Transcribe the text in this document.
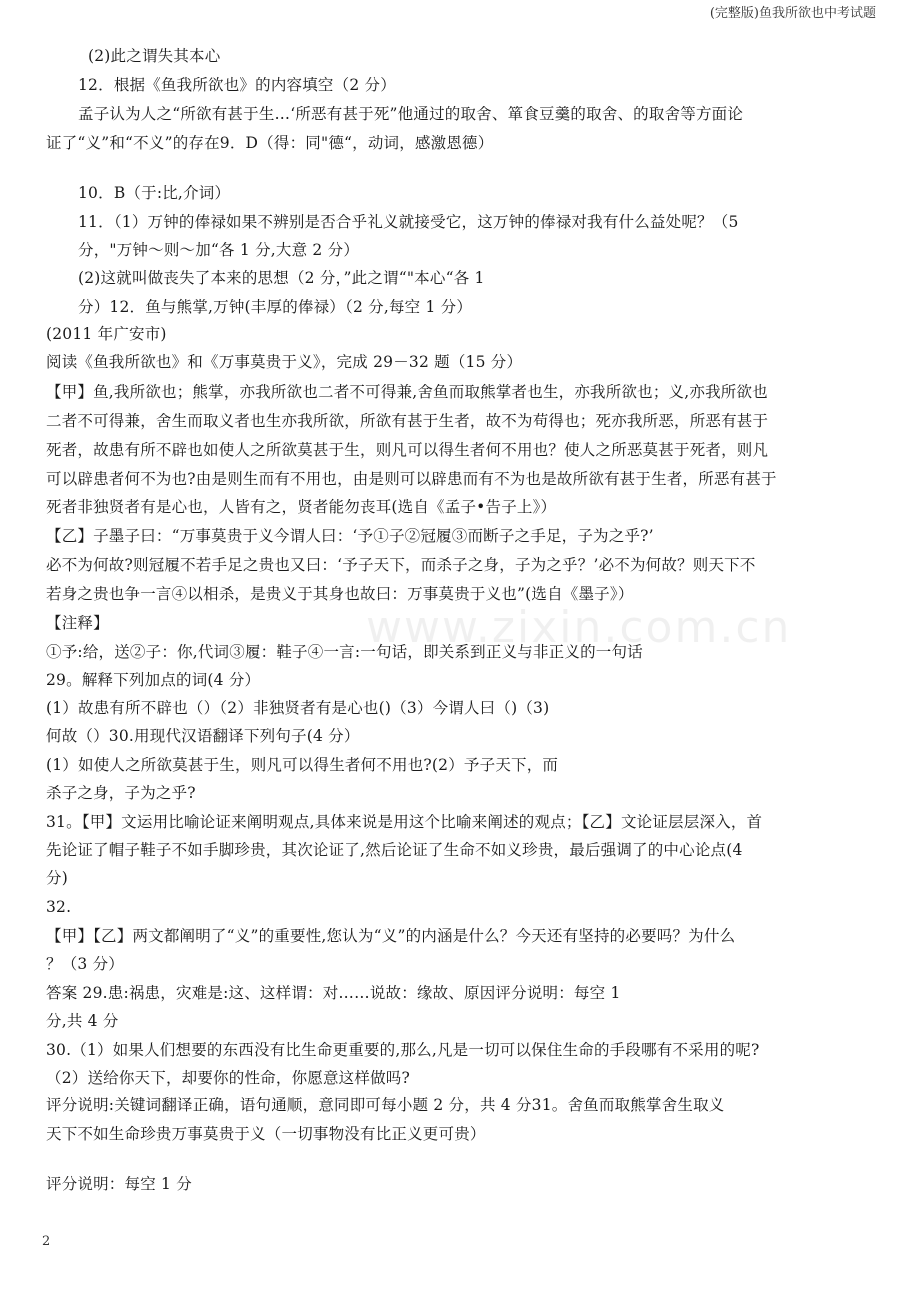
(完整版)鱼我所欲也中考试题
www.zixin.com.cn
(2)此之谓失其本心
12．根据《鱼我所欲也》的内容填空（2 分）
孟子认为人之“所欲有甚于生…‘所恶有甚于死”他通过的取舍、箪食豆羹的取舍、的取舍等方面论
证了“义”和“不义”的存在9．D（得：同"德“，动词，感激恩德）
10．B（于:比,介词）
11．（1）万钟的俸禄如果不辨别是否合乎礼义就接受它，这万钟的俸禄对我有什么益处呢？（5
分，"万钟～则～加“各 1 分,大意 2 分）
(2)这就叫做丧失了本来的思想（2 分，”此之谓“"本心“各 1
分）12．鱼与熊掌,万钟(丰厚的俸禄）（2 分,每空 1 分）
(2011 年广安市)
阅读《鱼我所欲也》和《万事莫贵于义》，完成 29－32 题（15 分）
【甲】鱼,我所欲也；熊掌，亦我所欲也二者不可得兼,舍鱼而取熊掌者也生，亦我所欲也；义,亦我所欲也
二者不可得兼，舍生而取义者也生亦我所欲，所欲有甚于生者，故不为苟得也；死亦我所恶，所恶有甚于
死者，故患有所不辟也如使人之所欲莫甚于生，则凡可以得生者何不用也？使人之所恶莫甚于死者，则凡
可以辟患者何不为也?由是则生而有不用也，由是则可以辟患而有不为也是故所欲有甚于生者，所恶有甚于
死者非独贤者有是心也，人皆有之，贤者能勿丧耳(选自《孟子•告子上》）
【乙】子墨子曰：“万事莫贵于义今谓人曰：‘予①子②冠履③而断子之手足，子为之乎?’
必不为何故?则冠履不若手足之贵也又曰：‘予子天下，而杀子之身，子为之乎？’必不为何故？则天下不
若身之贵也争一言④以相杀，是贵义于其身也故曰：万事莫贵于义也”(选自《墨子》）
【注释】
①予:给，送②子：你,代词③履：鞋子④一言:一句话，即关系到正义与非正义的一句话
29。解释下列加点的词(4 分）
(1）故患有所不辟也（）（2）非独贤者有是心也()（3）今谓人曰（)（3)
何故（）30.用现代汉语翻译下列句子(4 分）
(1）如使人之所欲莫甚于生，则凡可以得生者何不用也?(2）予子天下，而
杀子之身，子为之乎?
31。【甲】文运用比喻论证来阐明观点,具体来说是用这个比喻来阐述的观点；【乙】文论证层层深入，首
先论证了帽子鞋子不如手脚珍贵，其次论证了,然后论证了生命不如义珍贵，最后强调了的中心论点(4
分)
32.
【甲】【乙】两文都阐明了“义”的重要性,您认为“义”的内涵是什么？今天还有坚持的必要吗？为什么
？（3 分）
答案 29.患:祸患，灾难是:这、这样谓：对……说故：缘故、原因评分说明：每空 1
分,共 4 分
30.（1）如果人们想要的东西没有比生命更重要的,那么,凡是一切可以保住生命的手段哪有不采用的呢?
（2）送给你天下，却要你的性命，你愿意这样做吗?
评分说明:关键词翻译正确，语句通顺，意同即可每小题 2 分，共 4 分31。舍鱼而取熊掌舍生取义
天下不如生命珍贵万事莫贵于义（一切事物没有比正义更可贵）
评分说明：每空 1 分
2
